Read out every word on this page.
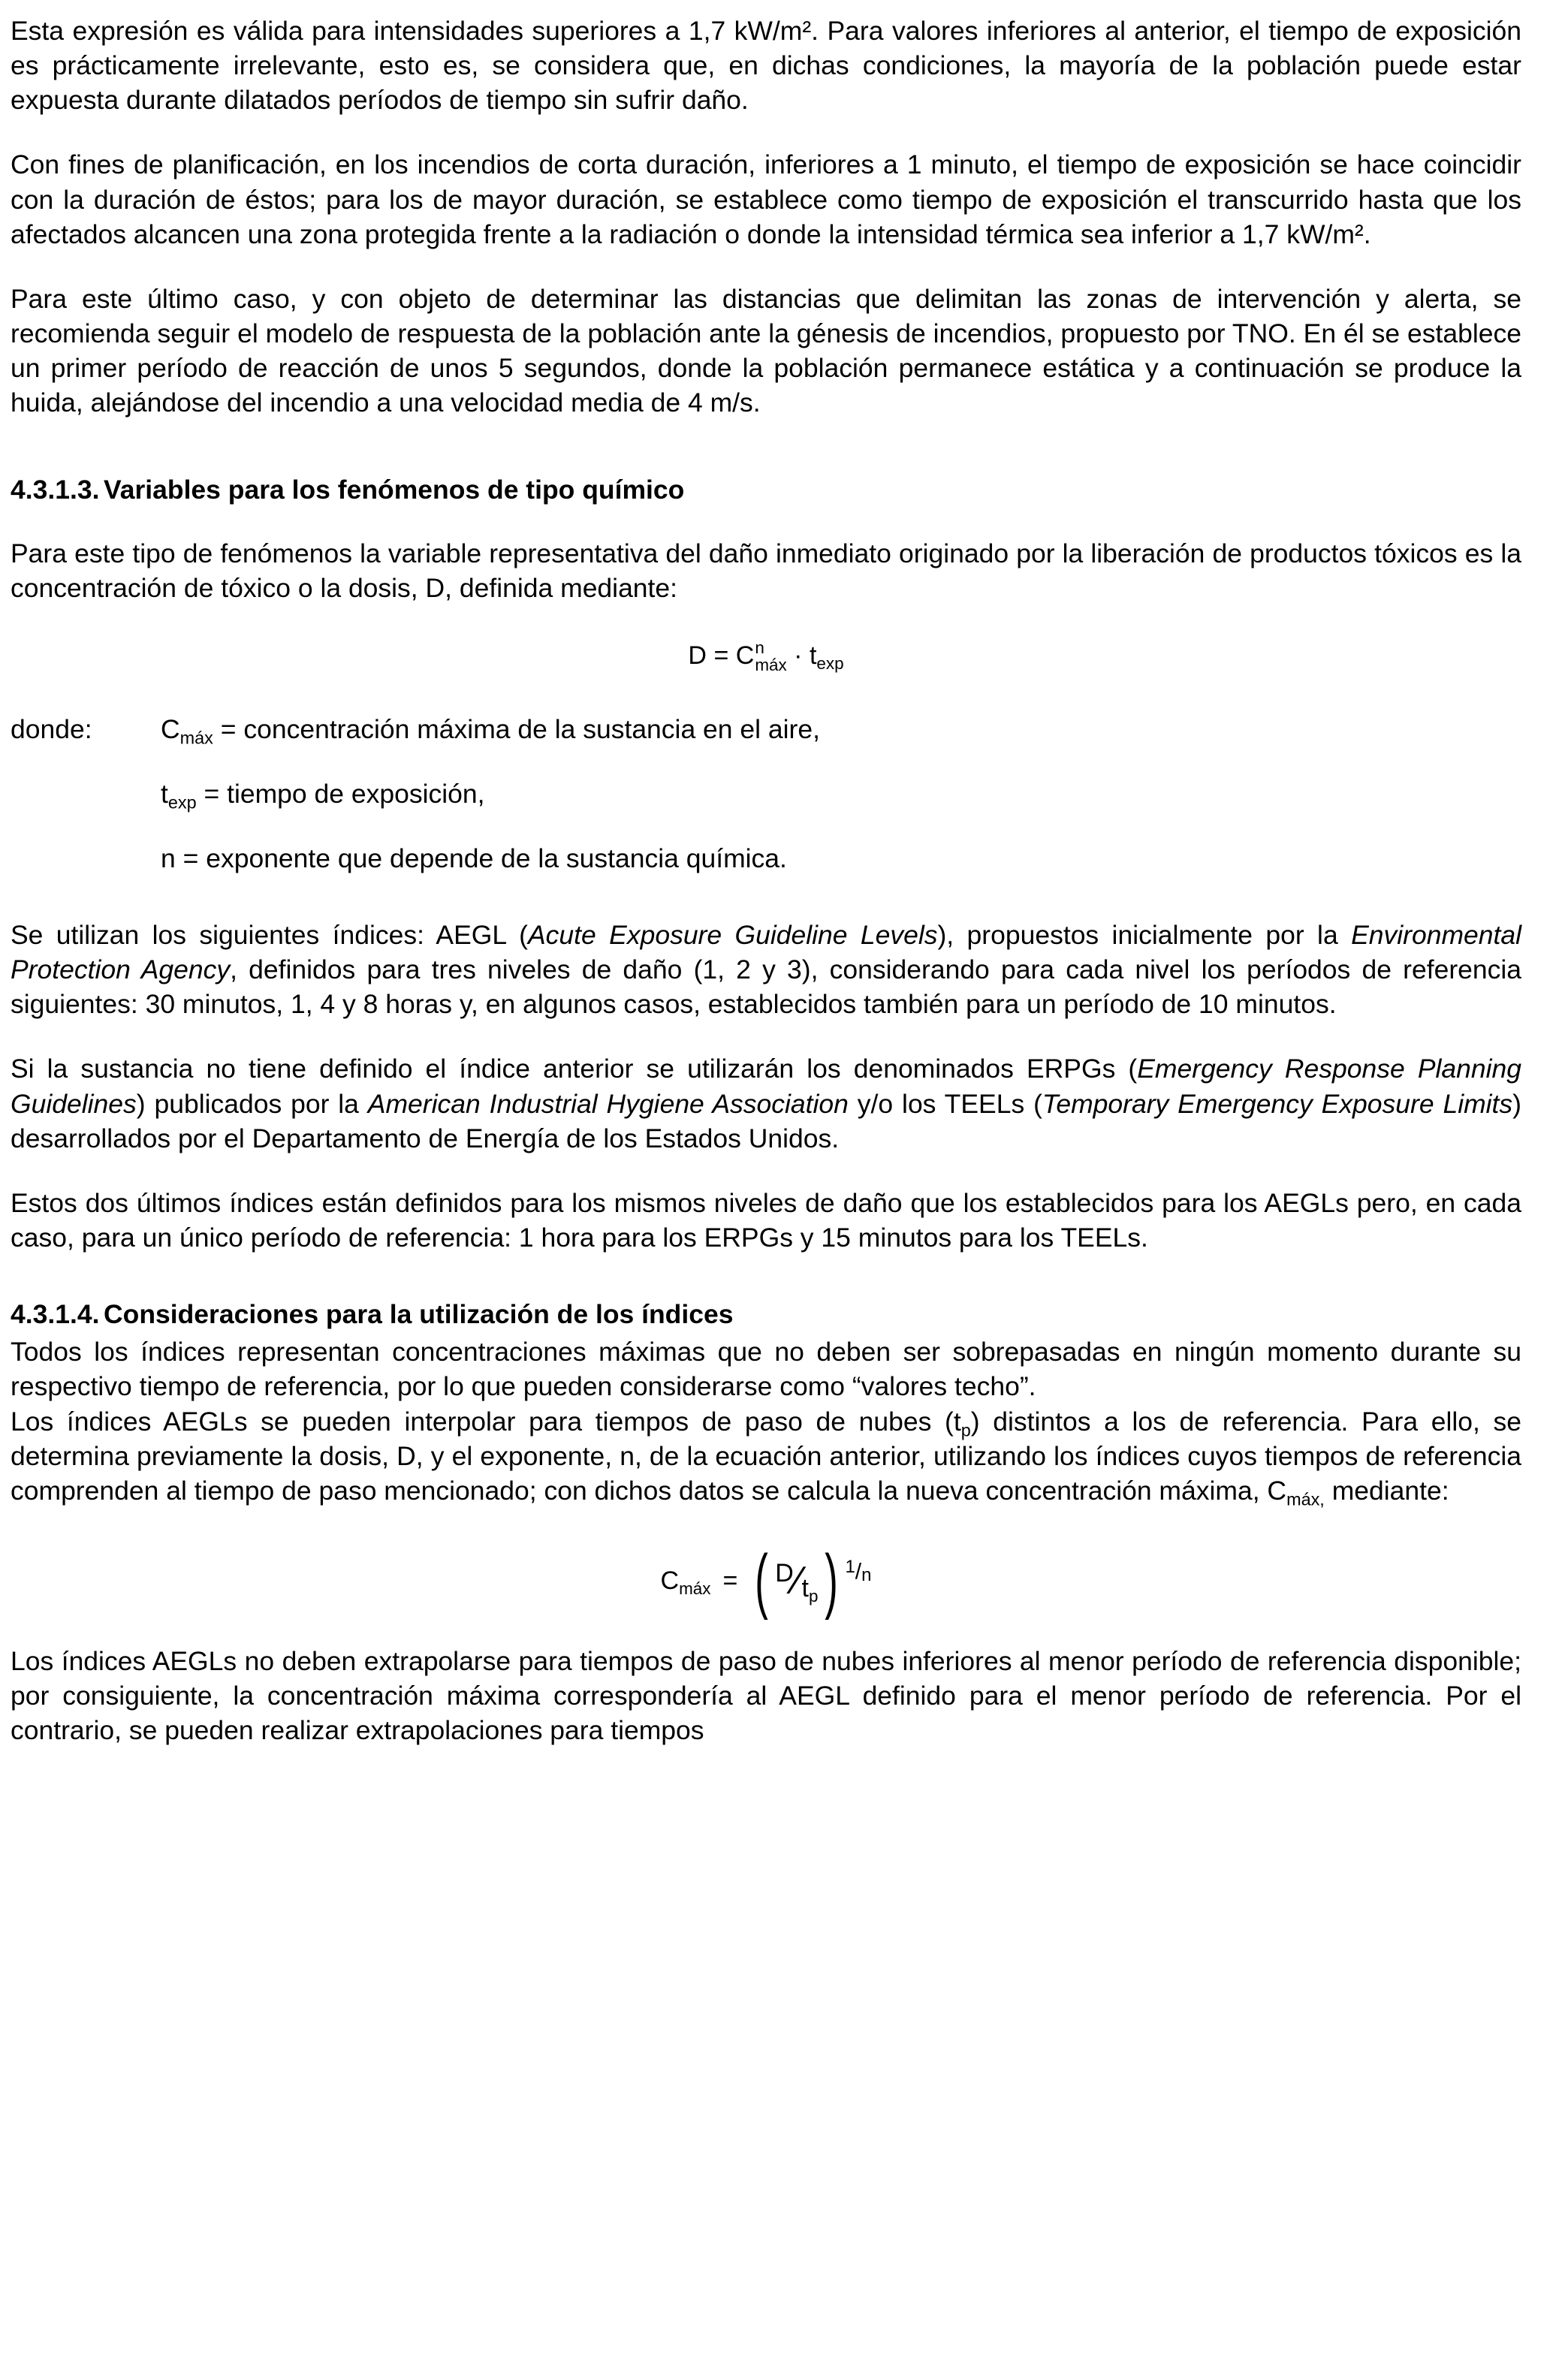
Esta expresión es válida para intensidades superiores a 1,7 kW/m². Para valores inferiores al anterior, el tiempo de exposición es prácticamente irrelevante, esto es, se considera que, en dichas condiciones, la mayoría de la población puede estar expuesta durante dilatados períodos de tiempo sin sufrir daño.

Con fines de planificación, en los incendios de corta duración, inferiores a 1 minuto, el tiempo de exposición se hace coincidir con la duración de éstos; para los de mayor duración, se establece como tiempo de exposición el transcurrido hasta que los afectados alcancen una zona protegida frente a la radiación o donde la intensidad térmica sea inferior a 1,7 kW/m².

Para este último caso, y con objeto de determinar las distancias que delimitan las zonas de intervención y alerta, se recomienda seguir el modelo de respuesta de la población ante la génesis de incendios, propuesto por TNO. En él se establece un primer período de reacción de unos 5 segundos, donde la población permanece estática y a continuación se produce la huida, alejándose del incendio a una velocidad media de 4 m/s.

4.3.1.3. Variables para los fenómenos de tipo químico

Para este tipo de fenómenos la variable representativa del daño inmediato originado por la liberación de productos tóxicos es la concentración de tóxico o la dosis, D, definida mediante:

D = C n
máx · $t_{exp}$
donde:	$C_{máx}$ = concentración máxima de la sustancia en el aire,
$t_{exp}$ = tiempo de exposición,
n = exponente que depende de la sustancia química.

Se utilizan los siguientes índices: AEGL (Acute Exposure Guideline Levels), propuestos inicialmente por la Environmental Protection Agency, definidos para tres niveles de daño (1, 2 y 3), considerando para cada nivel los períodos de referencia siguientes: 30 minutos, 1, 4 y 8 horas y, en algunos casos, establecidos también para un período de 10 minutos.

Si la sustancia no tiene definido el índice anterior se utilizarán los denominados ERPGs (Emergency Response Planning Guidelines) publicados por la American Industrial Hygiene Association y/o los TEELs (Temporary Emergency Exposure Limits) desarrollados por el Departamento de Energía de los Estados Unidos.

Estos dos últimos índices están definidos para los mismos niveles de daño que los establecidos para los AEGLs pero, en cada caso, para un único período de referencia: 1 hora para los ERPGs y 15 minutos para los TEELs.

4.3.1.4. Consideraciones para la utilización de los índices

Todos los índices representan concentraciones máximas que no deben ser sobrepasadas en ningún momento durante su respectivo tiempo de referencia, por lo que pueden considerarse como “valores techo”.

Los índices AEGLs se pueden interpolar para tiempos de paso de nubes $(t_p)$ distintos a los de referencia. Para ello, se determina previamente la dosis, D, y el exponente, n, de la ecuación anterior, utilizando los índices cuyos tiempos de referencia comprenden al tiempo de paso mencionado; con dichos datos se calcula la nueva concentración máxima, $C_{máx,}$ mediante:

$C_{máx}$ = ( D ⁄ $t_p$ ) 1/n

Los índices AEGLs no deben extrapolarse para tiempos de paso de nubes inferiores al menor período de referencia disponible; por consiguiente, la concentración máxima correspondería al AEGL definido para el menor período de referencia. Por el contrario, se pueden realizar extrapolaciones para tiempos
